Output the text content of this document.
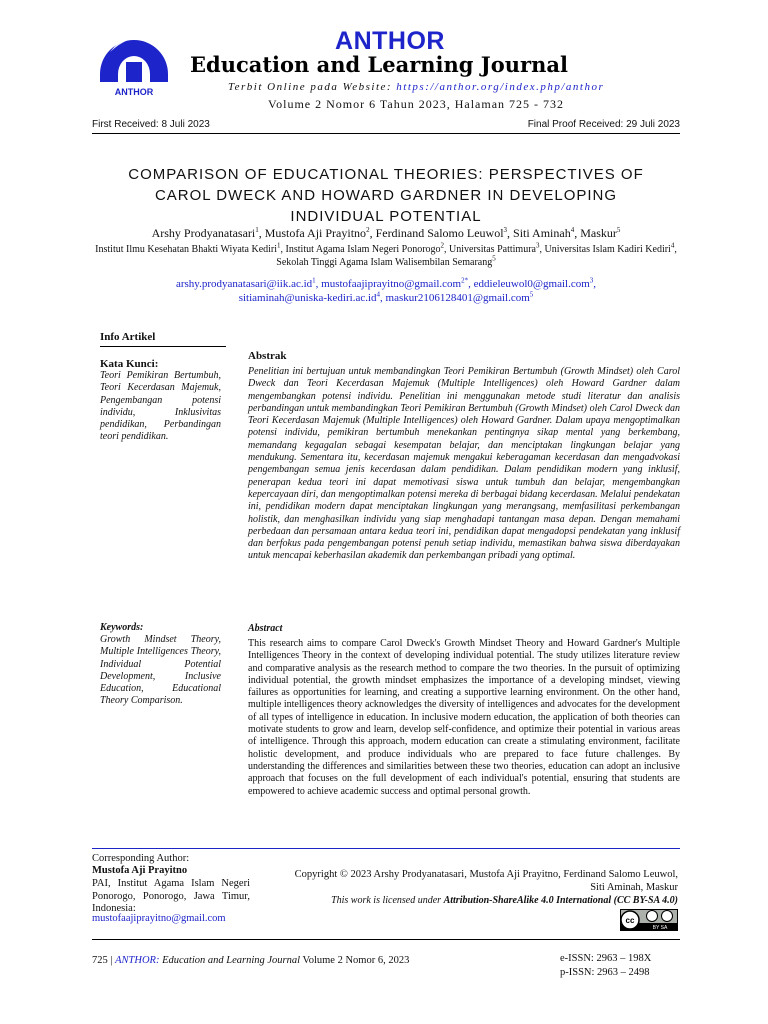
ANTHOR
ANTHOR
Education and Learning Journal
Terbit Online pada Website: https://anthor.org/index.php/anthor
Volume 2 Nomor 6 Tahun 2023, Halaman 725 - 732
First Received: 8 Juli 2023	Final Proof Received: 29 Juli 2023
COMPARISON OF EDUCATIONAL THEORIES: PERSPECTIVES OF
CAROL DWECK AND HOWARD GARDNER IN DEVELOPING
INDIVIDUAL POTENTIAL
Arshy Prodyanatasari$^1$, Mustofa Aji Prayitno$^2$, Ferdinand Salomo Leuwol$^3$, Siti Aminah$^4$, Maskur$^5$
Institut Ilmu Kesehatan Bhakti Wiyata Kediri$^1$, Institut Agama Islam Negeri Ponorogo$^2$, Universitas Pattimura$^3$, Universitas Islam Kadiri Kediri$^4$, Sekolah Tinggi Agama Islam Walisembilan Semarang$^5$
$arshy.prodyanatasari@iik.ac.id^1$, mustofaajiprayitno@gmail.com$^{2*}$, eddieleuwol0@gmail.com$^3$,
$sitiaminah@uniska-kediri.ac.id^4$, maskur2106128401@gmail.com$^5$
Info Artikel
Kata Kunci:
Teori Pemikiran Bertumbuh, Teori Kecerdasan Majemuk, Pengembangan potensi individu, Inklusivitas pendidikan, Perbandingan teori pendidikan.
Abstrak
Penelitian ini bertujuan untuk membandingkan Teori Pemikiran Bertumbuh (Growth Mindset) oleh Carol Dweck dan Teori Kecerdasan Majemuk (Multiple Intelligences) oleh Howard Gardner dalam mengembangkan potensi individu. Penelitian ini menggunakan metode studi literatur dan analisis perbandingan untuk membandingkan Teori Pemikiran Bertumbuh (Growth Mindset) oleh Carol Dweck dan Teori Kecerdasan Majemuk (Multiple Intelligences) oleh Howard Gardner. Dalam upaya mengoptimalkan potensi individu, pemikiran bertumbuh menekankan pentingnya sikap mental yang berkembang, memandang kegagalan sebagai kesempatan belajar, dan menciptakan lingkungan belajar yang mendukung. Sementara itu, kecerdasan majemuk mengakui keberagaman kecerdasan dan mengadvokasi pengembangan semua jenis kecerdasan dalam pendidikan. Dalam pendidikan modern yang inklusif, penerapan kedua teori ini dapat memotivasi siswa untuk tumbuh dan belajar, mengembangkan kepercayaan diri, dan mengoptimalkan potensi mereka di berbagai bidang kecerdasan. Melalui pendekatan ini, pendidikan modern dapat menciptakan lingkungan yang merangsang, memfasilitasi perkembangan holistik, dan menghasilkan individu yang siap menghadapi tantangan masa depan. Dengan memahami perbedaan dan persamaan antara kedua teori ini, pendidikan dapat mengadopsi pendekatan yang inklusif dan berfokus pada pengembangan potensi penuh setiap individu, memastikan bahwa siswa diberdayakan untuk mencapai keberhasilan akademik dan perkembangan pribadi yang optimal.
Keywords:
Growth Mindset Theory, Multiple Intelligences Theory, Individual Potential Development, Inclusive Education, Educational Theory Comparison.
Abstract
This research aims to compare Carol Dweck's Growth Mindset Theory and Howard Gardner's Multiple Intelligences Theory in the context of developing individual potential. The study utilizes literature review and comparative analysis as the research method to compare the two theories. In the pursuit of optimizing individual potential, the growth mindset emphasizes the importance of a developing mindset, viewing failures as opportunities for learning, and creating a supportive learning environment. On the other hand, multiple intelligences theory acknowledges the diversity of intelligences and advocates for the development of all types of intelligence in education. In inclusive modern education, the application of both theories can motivate students to grow and learn, develop self-confidence, and optimize their potential in various areas of intelligence. Through this approach, modern education can create a stimulating environment, facilitate holistic development, and produce individuals who are prepared to face future challenges. By understanding the differences and similarities between these two theories, education can adopt an inclusive approach that focuses on the full development of each individual's potential, ensuring that students are empowered to achieve academic success and optimal personal growth.
Corresponding Author:
Mustofa Aji Prayitno
PAI, Institut Agama Islam Negeri Ponorogo, Ponorogo, Jawa Timur, Indonesia:
mustofaajiprayitno@gmail.com
Copyright © 2023 Arshy Prodyanatasari, Mustofa Aji Prayitno, Ferdinand Salomo Leuwol, Siti Aminah, Maskur
This work is licensed under Attribution-ShareAlike 4.0 International (CC BY-SA 4.0)
cc
BY SA
725 | ANTHOR: Education and Learning Journal Volume 2 Nomor 6, 2023	e-ISSN: 2963 – 198X
p-ISSN: 2963 – 2498
